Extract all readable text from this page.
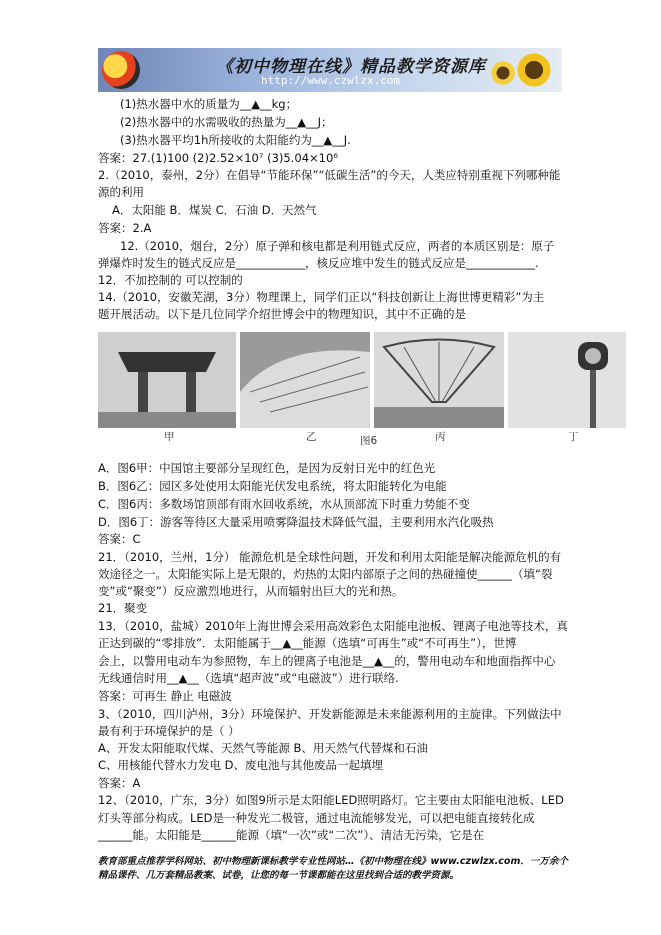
《初中物理在线》精品教学资源库
http://www.czwlzx.com
(1)热水器中水的质量为__▲__kg；
(2)热水器中的水需吸收的热量为__▲__J；
(3)热水器平均1h所接收的太阳能约为__▲__J.
答案：27.(1)100 (2)2.52×10⁷ (3)5.04×10⁶
2.（2010，泰州，2分）在倡导“节能环保”“低碳生活”的今天，人类应特别重视下列哪种能
源的利用
A．太阳能 B．煤炭 C．石油 D．天然气
答案：2.A
12.（2010，烟台，2分）原子弹和核电都是利用链式反应，两者的本质区别是：原子
弹爆炸时发生的链式反应是____________，核反应堆中发生的链式反应是____________.
12．不加控制的 可以控制的
14.（2010，安徽芜湖，3分）物理课上，同学们正以“科技创新让上海世博更精彩”为主
题开展活动。以下是几位同学介绍世博会中的物理知识，其中不正确的是
甲	乙	图6	丙	丁
A．图6甲：中国馆主要部分呈现红色，是因为反射日光中的红色光
B．图6乙：园区多处使用太阳能光伏发电系统，将太阳能转化为电能
C．图6丙：多数场馆顶部有雨水回收系统，水从顶部流下时重力势能不变
D．图6丁：游客等待区大量采用喷雾降温技术降低气温，主要利用水汽化吸热
答案：C
21．（2010，兰州，1分） 能源危机是全球性问题，开发和利用太阳能是解决能源危机的有
效途径之一。太阳能实际上是无限的，灼热的太阳内部原子之间的热碰撞使______（填“裂
变”或“聚变”）反应激烈地进行，从而辐射出巨大的光和热。
21．聚变
13．（2010，盐城）2010年上海世博会采用高效彩色太阳能电池板、锂离子电池等技术，真
正达到碳的“零排放”．太阳能属于__▲__能源（选填“可再生”或“不可再生”），世博
会上，以警用电动车为参照物，车上的锂离子电池是__▲__的，警用电动车和地面指挥中心
无线通信时用__▲__（选填“超声波”或“电磁波”）进行联络.
答案：可再生 静止 电磁波
3、（2010，四川泸州，3分）环境保护、开发新能源是未来能源利用的主旋律。下列做法中
最有利于环境保护的是（ ）
A、开发太阳能取代煤、天然气等能源 B、用天然气代替煤和石油
C、用核能代替水力发电 D、废电池与其他废品一起填埋
答案：A
12、（2010，广东，3分）如图9所示是太阳能LED照明路灯。它主要由太阳能电池板、LED
灯头等部分构成。LED是一种发光二极管，通过电流能够发光，可以把电能直接转化成
______能。太阳能是______能源（填“一次”或“二次”）、清洁无污染，它是在
教育部重点推荐学科网站、初中物理新课标教学专业性网站…《初中物理在线》www.czwlzx.com．一万余个精品课件、几万套精品教案、试卷，让您的每一节课都能在这里找到合适的教学资源。
